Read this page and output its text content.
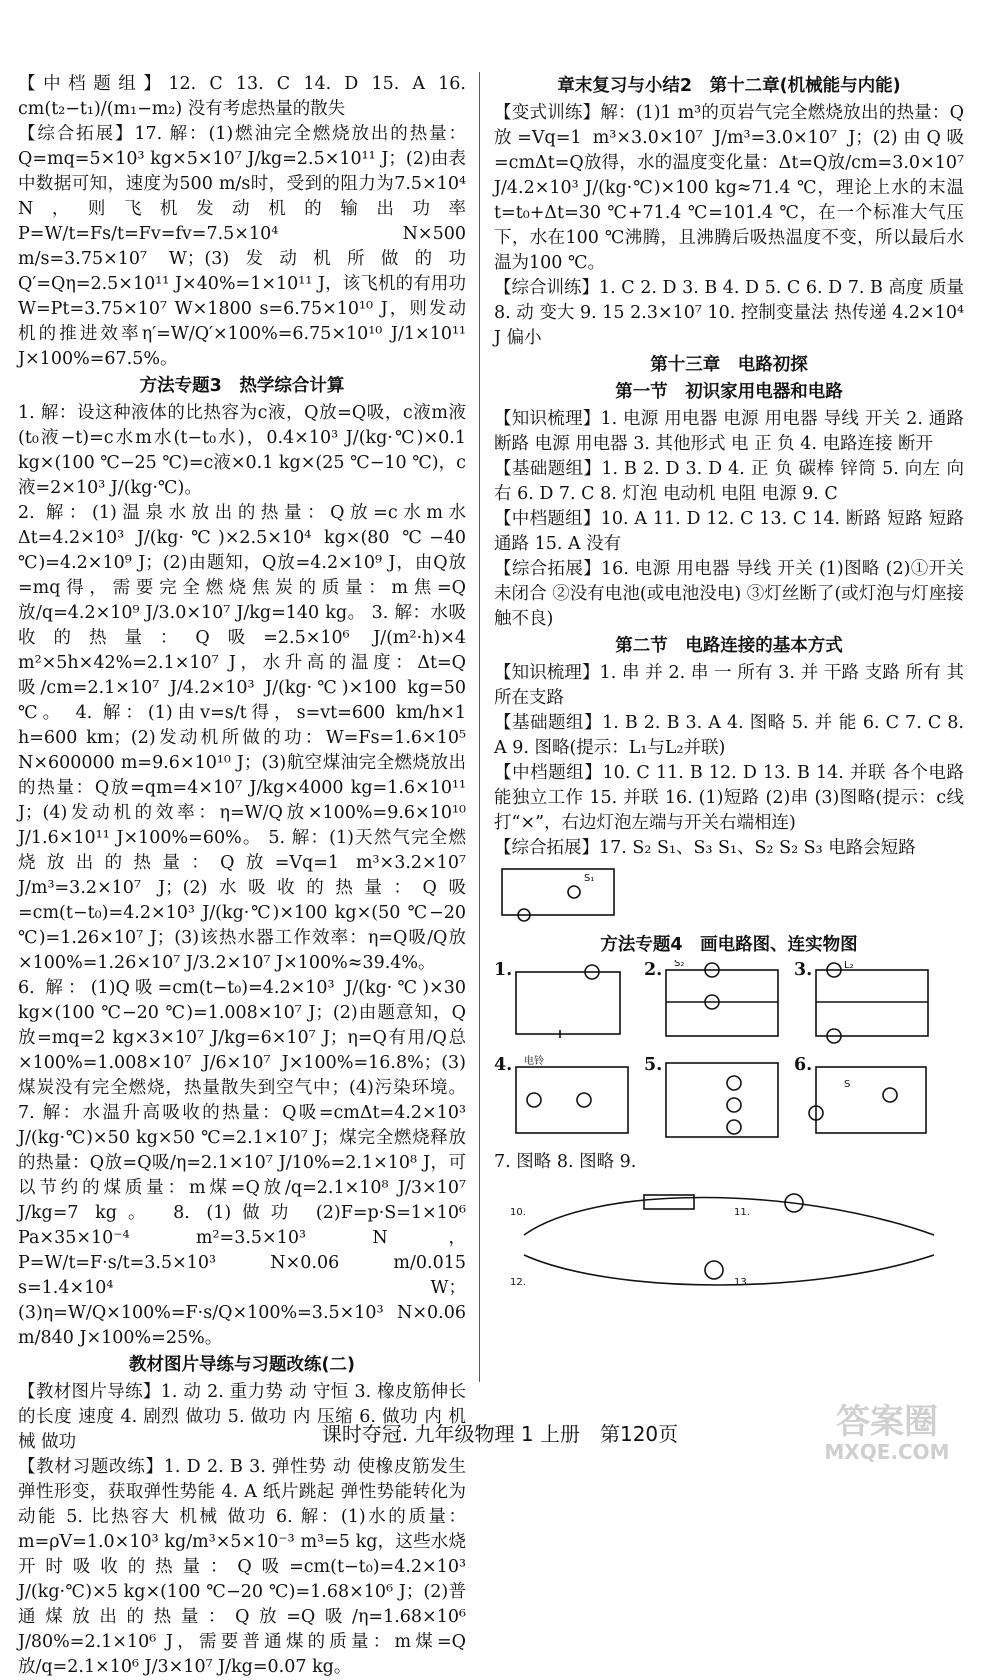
【中档题组】12. C 13. C 14. D 15. A 16. cm(t₂−t₁)/(m₁−m₂) 没有考虑热量的散失

【综合拓展】17. 解：(1)燃油完全燃烧放出的热量：Q=mq=5×10³ kg×5×10⁷ J/kg=2.5×10¹¹ J；(2)由表中数据可知，速度为500 m/s时，受到的阻力为7.5×10⁴ N，则飞机发动机的输出功率P=W/t=Fs/t=Fv=fv=7.5×10⁴ N×500 m/s=3.75×10⁷ W；(3)发动机所做的功Q′=Qη=2.5×10¹¹ J×40%=1×10¹¹ J，该飞机的有用功W=Pt=3.75×10⁷ W×1800 s=6.75×10¹⁰ J，则发动机的推进效率η′=W/Q′×100%=6.75×10¹⁰ J/1×10¹¹ J×100%=67.5%。

方法专题3　热学综合计算

1. 解：设这种液体的比热容为c液，Q放=Q吸，c液m液(t₀液−t)=c水m水(t−t₀水)，0.4×10³ J/(kg·℃)×0.1 kg×(100 ℃−25 ℃)=c液×0.1 kg×(25 ℃−10 ℃)，c液=2×10³ J/(kg·℃)。

2. 解：(1)温泉水放出的热量：Q放=c水m水Δt=4.2×10³ J/(kg·℃)×2.5×10⁴ kg×(80 ℃−40 ℃)=4.2×10⁹ J；(2)由题知，Q放=4.2×10⁹ J，由Q放=mq得，需要完全燃烧焦炭的质量：m焦=Q放/q=4.2×10⁹ J/3.0×10⁷ J/kg=140 kg。 3. 解：水吸收的热量：Q吸=2.5×10⁶ J/(m²·h)×4 m²×5h×42%=2.1×10⁷ J，水升高的温度：Δt=Q吸/cm=2.1×10⁷ J/4.2×10³ J/(kg·℃)×100 kg=50 ℃。 4. 解：(1)由v=s/t得，s=vt=600 km/h×1 h=600 km；(2)发动机所做的功：W=Fs=1.6×10⁵ N×600000 m=9.6×10¹⁰ J；(3)航空煤油完全燃烧放出的热量：Q放=qm=4×10⁷ J/kg×4000 kg=1.6×10¹¹ J；(4)发动机的效率：η=W/Q放×100%=9.6×10¹⁰ J/1.6×10¹¹ J×100%=60%。 5. 解：(1)天然气完全燃烧放出的热量：Q放=Vq=1 m³×3.2×10⁷ J/m³=3.2×10⁷ J；(2)水吸收的热量：Q吸=cm(t−t₀)=4.2×10³ J/(kg·℃)×100 kg×(50 ℃−20 ℃)=1.26×10⁷ J；(3)该热水器工作效率：η=Q吸/Q放×100%=1.26×10⁷ J/3.2×10⁷ J×100%≈39.4%。

6. 解：(1)Q吸=cm(t−t₀)=4.2×10³ J/(kg·℃)×30 kg×(100 ℃−20 ℃)=1.008×10⁷ J；(2)由题意知，Q放=mq=2 kg×3×10⁷ J/kg=6×10⁷ J；η=Q有用/Q总×100%=1.008×10⁷ J/6×10⁷ J×100%=16.8%；(3)煤炭没有完全燃烧，热量散失到空气中；(4)污染环境。 7. 解：水温升高吸收的热量：Q吸=cmΔt=4.2×10³ J/(kg·℃)×50 kg×50 ℃=2.1×10⁷ J；煤完全燃烧释放的热量：Q放=Q吸/η=2.1×10⁷ J/10%=2.1×10⁸ J，可以节约的煤质量：m煤=Q放/q=2.1×10⁸ J/3×10⁷ J/kg=7 kg。 8. (1)做功 (2)F=p·S=1×10⁶ Pa×35×10⁻⁴ m²=3.5×10³ N，P=W/t=F·s/t=3.5×10³ N×0.06 m/0.015 s=1.4×10⁴ W；(3)η=W/Q×100%=F·s/Q×100%=3.5×10³ N×0.06 m/840 J×100%=25%。

教材图片导练与习题改练(二)

【教材图片导练】1. 动 2. 重力势 动 守恒 3. 橡皮筋伸长的长度 速度 4. 剧烈 做功 5. 做功 内 压缩 6. 做功 内 机械 做功

【教材习题改练】1. D 2. B 3. 弹性势 动 使橡皮筋发生弹性形变，获取弹性势能 4. A 纸片跳起 弹性势能转化为动能 5. 比热容大 机械 做功 6. 解：(1)水的质量：m=ρV=1.0×10³ kg/m³×5×10⁻³ m³=5 kg，这些水烧开时吸收的热量：Q吸=cm(t−t₀)=4.2×10³ J/(kg·℃)×5 kg×(100 ℃−20 ℃)=1.68×10⁶ J；(2)普通煤放出的热量：Q放=Q吸/η=1.68×10⁶ J/80%=2.1×10⁶ J，需要普通煤的质量：m煤=Q放/q=2.1×10⁶ J/3×10⁷ J/kg=0.07 kg。

章末复习与小结2　第十二章(机械能与内能)

【变式训练】解：(1)1 m³的页岩气完全燃烧放出的热量：Q放=Vq=1 m³×3.0×10⁷ J/m³=3.0×10⁷ J；(2)由Q吸=cmΔt=Q放得，水的温度变化量：Δt=Q放/cm=3.0×10⁷ J/4.2×10³ J/(kg·℃)×100 kg≈71.4 ℃，理论上水的末温t=t₀+Δt=30 ℃+71.4 ℃=101.4 ℃，在一个标准大气压下，水在100 ℃沸腾，且沸腾后吸热温度不变，所以最后水温为100 ℃。

【综合训练】1. C 2. D 3. B 4. D 5. C 6. D 7. B 高度 质量 8. 动 变大 9. 15 2.3×10⁷ 10. 控制变量法 热传递 4.2×10⁴ J 偏小

第十三章　电路初探

第一节　初识家用电器和电路

【知识梳理】1. 电源 用电器 电源 用电器 导线 开关 2. 通路 断路 电源 用电器 3. 其他形式 电 正 负 4. 电路连接 断开

【基础题组】1. B 2. D 3. D 4. 正 负 碳棒 锌筒 5. 向左 向右 6. D 7. C 8. 灯泡 电动机 电阻 电源 9. C

【中档题组】10. A 11. D 12. C 13. C 14. 断路 短路 短路 通路 15. A 没有

【综合拓展】16. 电源 用电器 导线 开关 (1)图略 (2)①开关未闭合 ②没有电池(或电池没电) ③灯丝断了(或灯泡与灯座接触不良)

第二节　电路连接的基本方式

【知识梳理】1. 串 并 2. 串 一 所有 3. 并 干路 支路 所有 其所在支路

【基础题组】1. B 2. B 3. A 4. 图略 5. 并 能 6. C 7. C 8. A 9. 图略(提示：L₁与L₂并联)

【中档题组】10. C 11. B 12. D 13. B 14. 并联 各个电路能独立工作 15. 并联 16. (1)短路 (2)串 (3)图略(提示：c线打“×”，右边灯泡左端与开关右端相连)

【综合拓展】17. S₂ S₁、S₃ S₁、S₂ S₂ S₃ 电路会短路

S₁

方法专题4　画电路图、连实物图

1.	2. S₂	3.	L₂
4. 电铃	5.	6.
S

7. 图略 8. 图略 9.

10.	11.
12.	13.
课时夺冠. 九年级物理 1 上册　第120页	答案圈
MXQE.COM
